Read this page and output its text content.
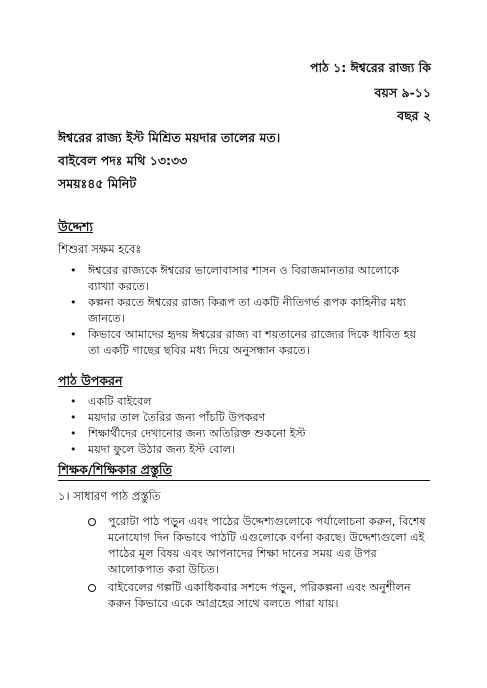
পাঠ ১: ঈশ্বরের রাজ্য কি
বয়স ৯-১১
বছর ২
ঈশ্বরের রাজ্য ইস্ট মিশ্রিত ময়দার তালের মত।
বাইবেল পদঃ মথি ১৩:৩৩
সময়ঃ৪৫ মিনিট
উদ্দেশ্য
শিশুরা সক্ষম হবেঃ
• ঈশ্বরের রাজ্যকে ঈশ্বরের ভালোবাসার শাসন ও বিরাজমানতার আলোকে ব্যাখ্যা করতে।
• কল্পনা করতে ঈশ্বরের রাজ্য কিরূপ তা একটি নীতিগর্ভ রূপক কাহিনীর মধ্য জানতে।
• কিভাবে আমাদের হৃদয় ঈশ্বরের রাজ্য বা শয়তানের রাজ্যের দিকে ধাবিত হয় তা একটি গাছের ছবির মধ্য দিয়ে অনুসন্ধান করতে।
পাঠ উপকরন
• একটি বাইবেল
• ময়দার তাল তৈরির জন্য পাঁচটি উপকরণ
• শিক্ষার্থীদের দেখানোর জন্য অতিরিক্ত শুকনো ইস্ট
• ময়দা ফুলে উঠার জন্য ইস্ট বোল।
শিক্ষক/শিক্ষিকার প্রস্তুতি
১। সাধারণ পাঠ প্রস্তুতি
পুরোটা পাঠ পড়ুন এবং পাঠের উদ্দেশ্যগুলোকে পর্যালোচনা করুন, বিশেষ মনোযোগ দিন কিভাবে পাঠটি এগুলোকে বর্ণনা করছে। উদ্দেশ্যগুলো এই পাঠের মূল বিষয় এবং আপনাদের শিক্ষা দানের সময় এর উপর আলোকপাত করা উচিত।
বাইবেলের গল্পটি একাধিকবার সশব্দে পড়ুন, পরিকল্পনা এবং অনুশীলন করুন কিভাবে একে আগ্রহের সাথে বলতে পারা যায়।
